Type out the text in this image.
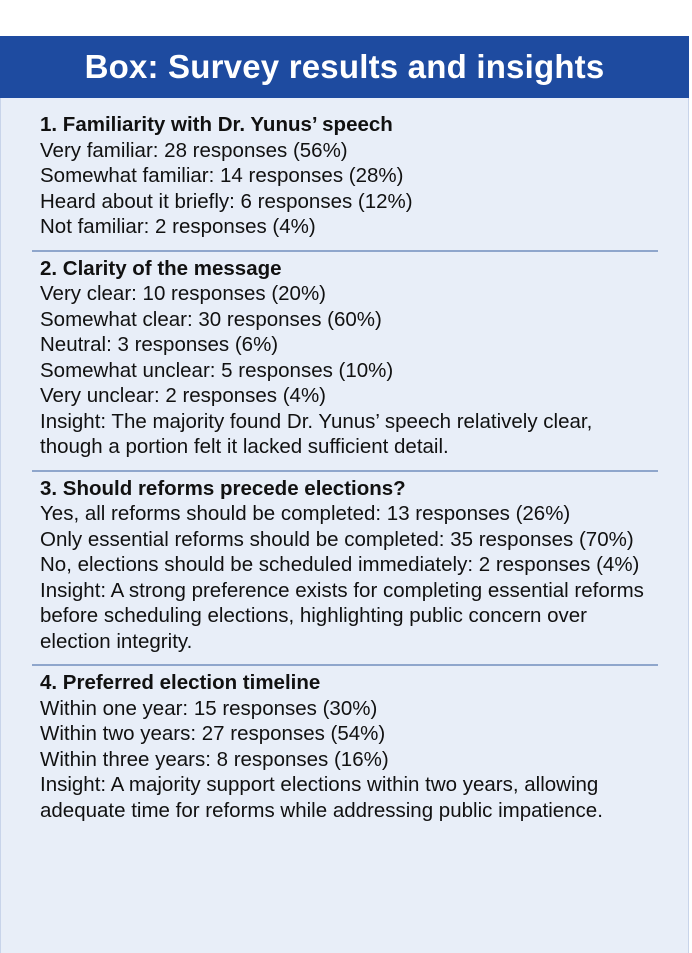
Box: Survey results and insights
1. Familiarity with Dr. Yunus’ speech

Very familiar: 28 responses (56%)

Somewhat familiar: 14 responses (28%)

Heard about it briefly: 6 responses (12%)

Not familiar: 2 responses (4%)

2. Clarity of the message

Very clear: 10 responses (20%)

Somewhat clear: 30 responses (60%)

Neutral: 3 responses (6%)

Somewhat unclear: 5 responses (10%)

Very unclear: 2 responses (4%)

Insight: The majority found Dr. Yunus’ speech relatively clear, though a portion felt it lacked sufficient detail.

3. Should reforms precede elections?

Yes, all reforms should be completed: 13 responses (26%)

Only essential reforms should be completed: 35 responses (70%)

No, elections should be scheduled immediately: 2 responses (4%)

Insight: A strong preference exists for completing essential reforms before scheduling elections, highlighting public concern over election integrity.

4. Preferred election timeline

Within one year: 15 responses (30%)

Within two years: 27 responses (54%)

Within three years: 8 responses (16%)

Insight: A majority support elections within two years, allowing adequate time for reforms while addressing public impatience.
